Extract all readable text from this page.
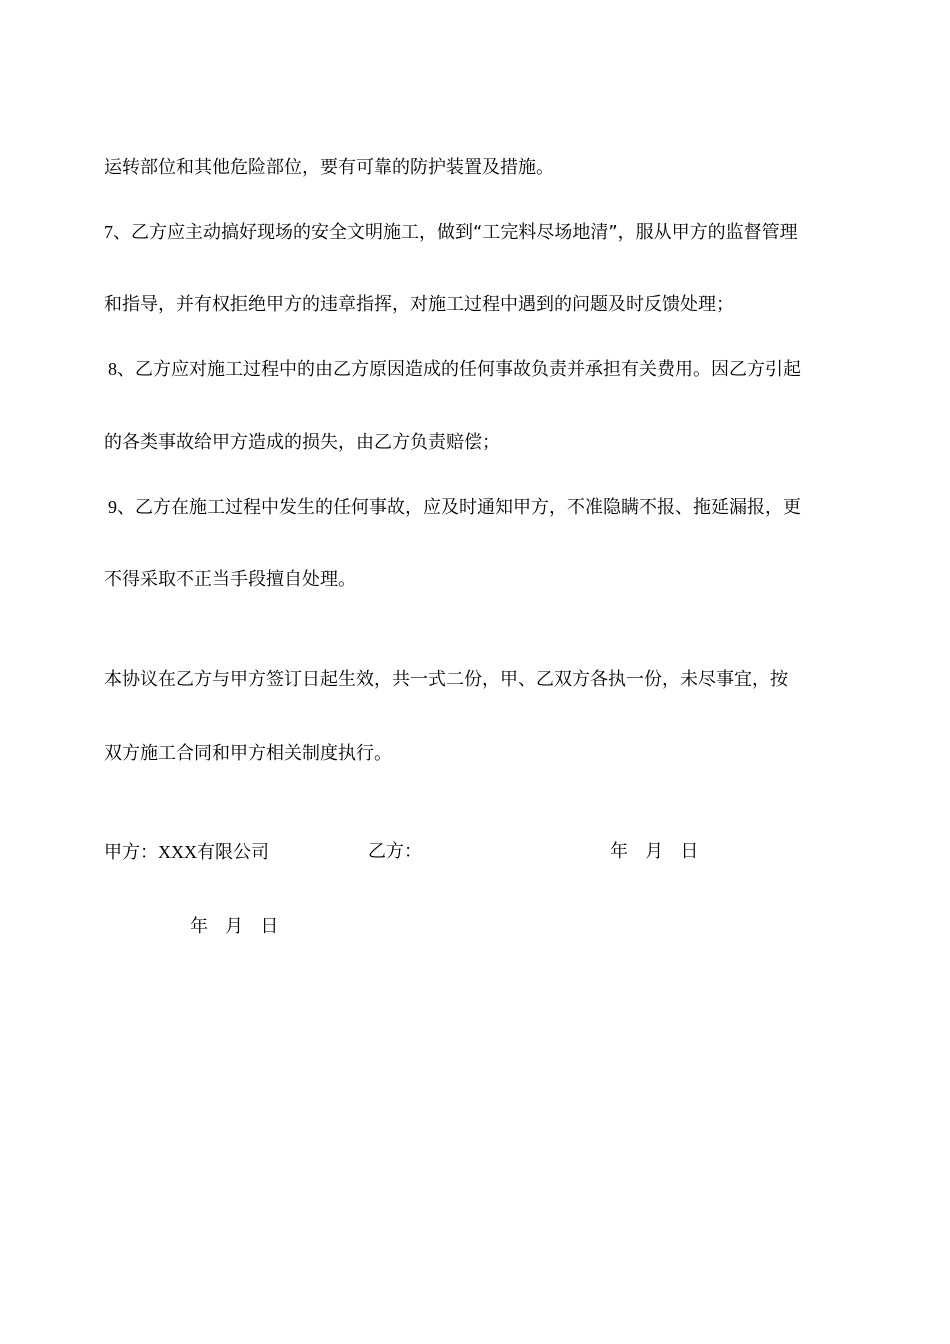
运转部位和其他危险部位，要有可靠的防护装置及措施。
7、乙方应主动搞好现场的安全文明施工，做到“工完料尽场地清”，服从甲方的监督管理
和指导，并有权拒绝甲方的违章指挥，对施工过程中遇到的问题及时反馈处理；
8、乙方应对施工过程中的由乙方原因造成的任何事故负责并承担有关费用。因乙方引起
的各类事故给甲方造成的损失，由乙方负责赔偿；
9、乙方在施工过程中发生的任何事故，应及时通知甲方，不准隐瞒不报、拖延漏报，更
不得采取不正当手段擅自处理。
本协议在乙方与甲方签订日起生效，共一式二份，甲、乙双方各执一份，未尽事宜，按
双方施工合同和甲方相关制度执行。
甲方：XXX有限公司	乙方：	年   月   日
年   月   日
